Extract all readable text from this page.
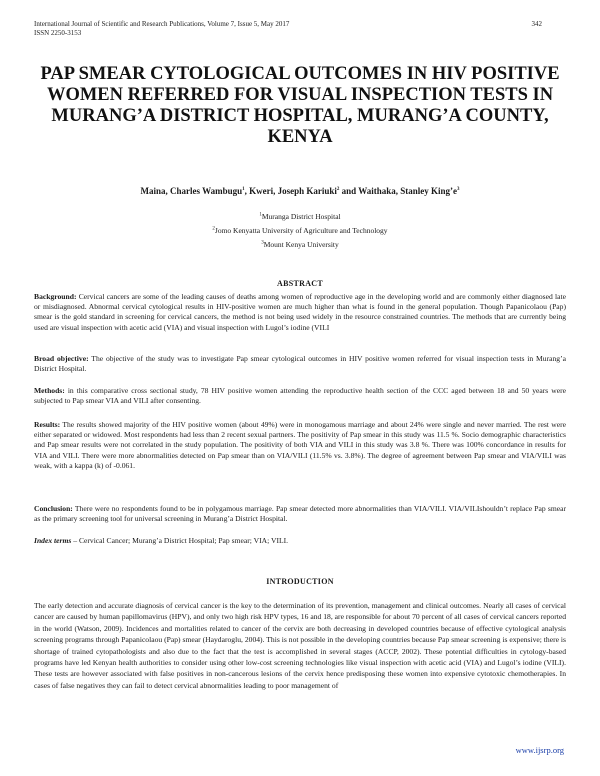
International Journal of Scientific and Research Publications, Volume 7, Issue 5, May 2017
ISSN 2250-3153
342
PAP SMEAR CYTOLOGICAL OUTCOMES IN HIV POSITIVE WOMEN REFERRED FOR VISUAL INSPECTION TESTS IN MURANG’A DISTRICT HOSPITAL, MURANG’A COUNTY, KENYA
Maina, Charles Wambugu$^1$, Kweri, Joseph Kariuki$^2$ and Waithaka, Stanley $King’e^3$
$^1$Muranga District Hospital
$^2$Jomo Kenyatta University of Agriculture and Technology
$^3$Mount Kenya University
ABSTRACT

Background: Cervical cancers are some of the leading causes of deaths among women of reproductive age in the developing world and are commonly either diagnosed late or misdiagnosed. Abnormal cervical cytological results in HIV-positive women are much higher than what is found in the general population. Though Papanicolaou (Pap) smear is the gold standard in screening for cervical cancers, the method is not being used widely in the resource constrained countries. The methods that are currently being used are visual inspection with acetic acid (VIA) and visual inspection with Lugol’s iodine (VILI

Broad objective: The objective of the study was to investigate Pap smear cytological outcomes in HIV positive women referred for visual inspection tests in Murang’a District Hospital.

Methods: in this comparative cross sectional study, 78 HIV positive women attending the reproductive health section of the CCC aged between 18 and 50 years were subjected to Pap smear VIA and VILI after consenting.

Results: The results showed majority of the HIV positive women (about 49%) were in monogamous marriage and about 24% were single and never married. The rest were either separated or widowed. Most respondents had less than 2 recent sexual partners. The positivity of Pap smear in this study was 11.5 %. Socio demographic characteristics and Pap smear results were not correlated in the study population. The positivity of both VIA and VILI in this study was 3.8 %. There was 100% concordance in results for VIA and VILI. There were more abnormalities detected on Pap smear than on VIA/VILI (11.5% vs. 3.8%). The degree of agreement between Pap smear and VIA/VILI was weak, with a kappa (k) of -0.061.

Conclusion: There were no respondents found to be in polygamous marriage. Pap smear detected more abnormalities than VIA/VILI. VIA/VILIshouldn’t replace Pap smear as the primary screening tool for universal screening in Murang’a District Hospital.

Index terms – Cervical Cancer; Murang’a District Hospital; Pap smear; VIA; VILI.

INTRODUCTION

The early detection and accurate diagnosis of cervical cancer is the key to the determination of its prevention, management and clinical outcomes. Nearly all cases of cervical cancer are caused by human papillomavirus (HPV), and only two high risk HPV types, 16 and 18, are responsible for about 70 percent of all cases of cervical cancers reported in the world (Watson, 2009). Incidences and mortalities related to cancer of the cervix are both decreasing in developed countries because of effective cytological analysis screening programs through Papanicolaou (Pap) smear (Haydaroglu, 2004). This is not possible in the developing countries because Pap smear screening is expensive; there is shortage of trained cytopathologists and also due to the fact that the test is accomplished in several stages (ACCP, 2002). These potential difficulties in cytology-based programs have led Kenyan health authorities to consider using other low-cost screening technologies like visual inspection with acetic acid (VIA) and Lugol’s iodine (VILI). These tests are however associated with false positives in non-cancerous lesions of the cervix hence predisposing these women into expensive cytotoxic chemotherapies. In cases of false negatives they can fail to detect cervical abnormalities leading to poor management of

www.ijsrp.org
